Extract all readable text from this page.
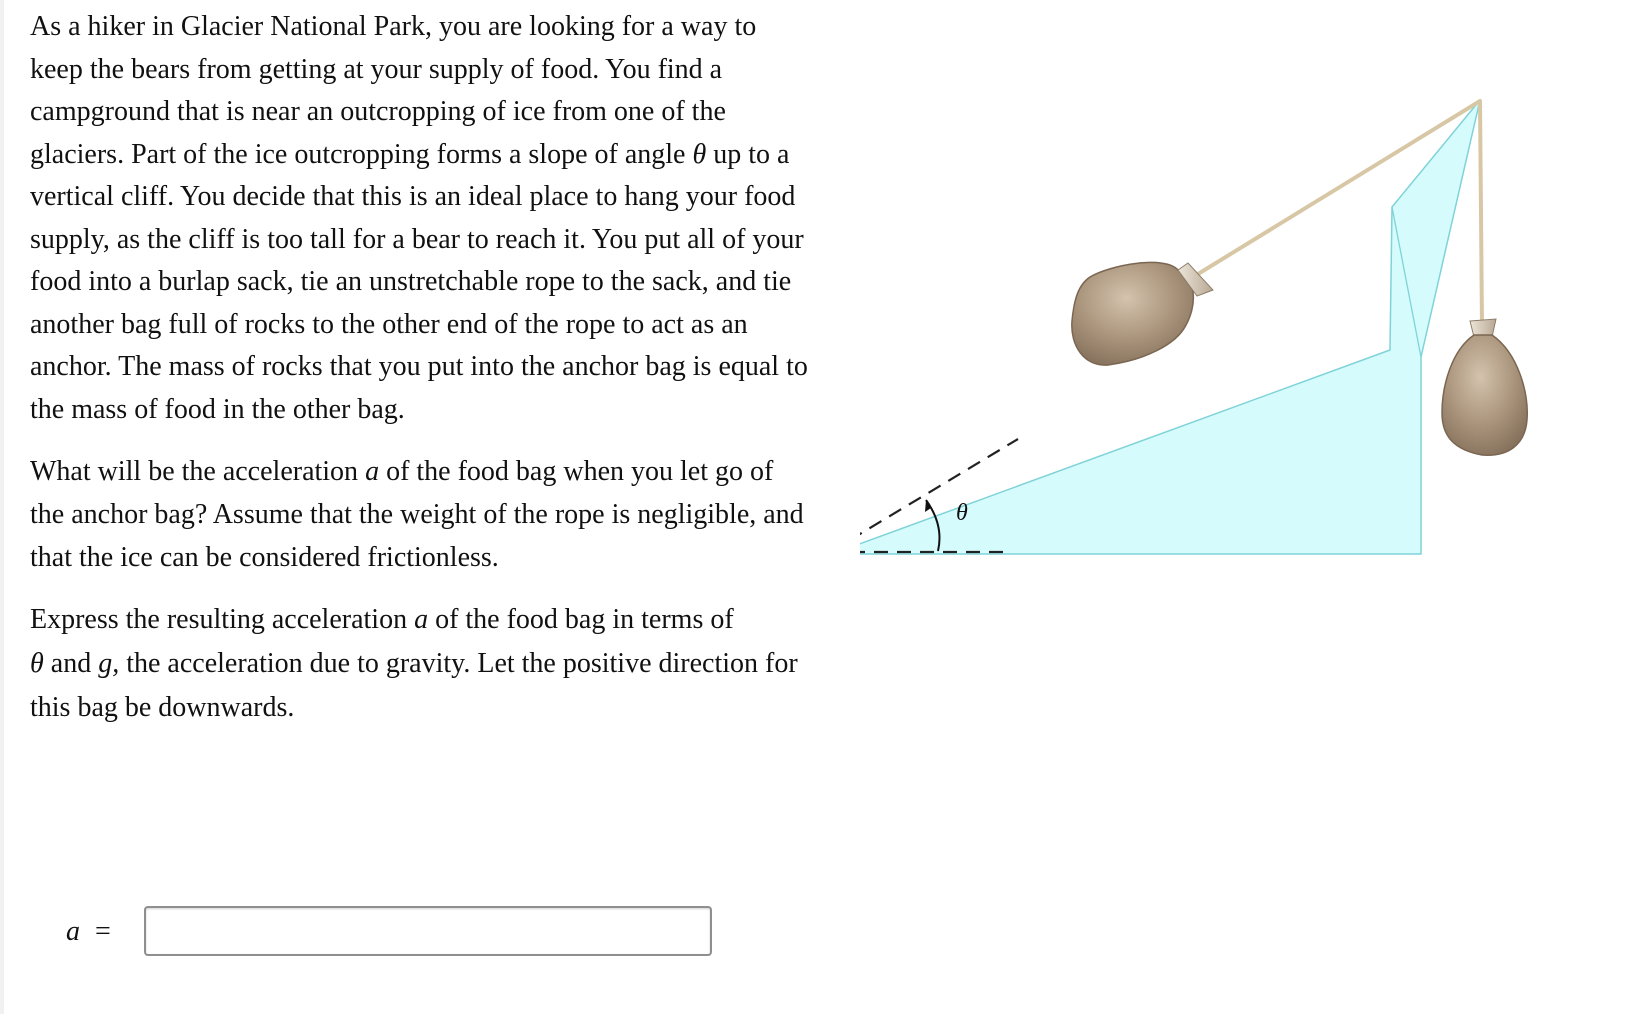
As a hiker in Glacier National Park, you are looking for a way to keep the bears from getting at your supply of food. You find a campground that is near an outcropping of ice from one of the glaciers. Part of the ice outcropping forms a slope of angle θ up to a vertical cliff. You decide that this is an ideal place to hang your food supply, as the cliff is too tall for a bear to reach it. You put all of your food into a burlap sack, tie an unstretchable rope to the sack, and tie another bag full of rocks to the other end of the rope to act as an anchor. The mass of rocks that you put into the anchor bag is equal to the mass of food in the other bag.

What will be the acceleration a of the food bag when you let go of the anchor bag? Assume that the weight of the rope is negligible, and that the ice can be considered frictionless.

Express the resulting acceleration a of the food bag in terms of
θ and g, the acceleration due to gravity. Let the positive direction for this bag be downwards.

θ
a =
